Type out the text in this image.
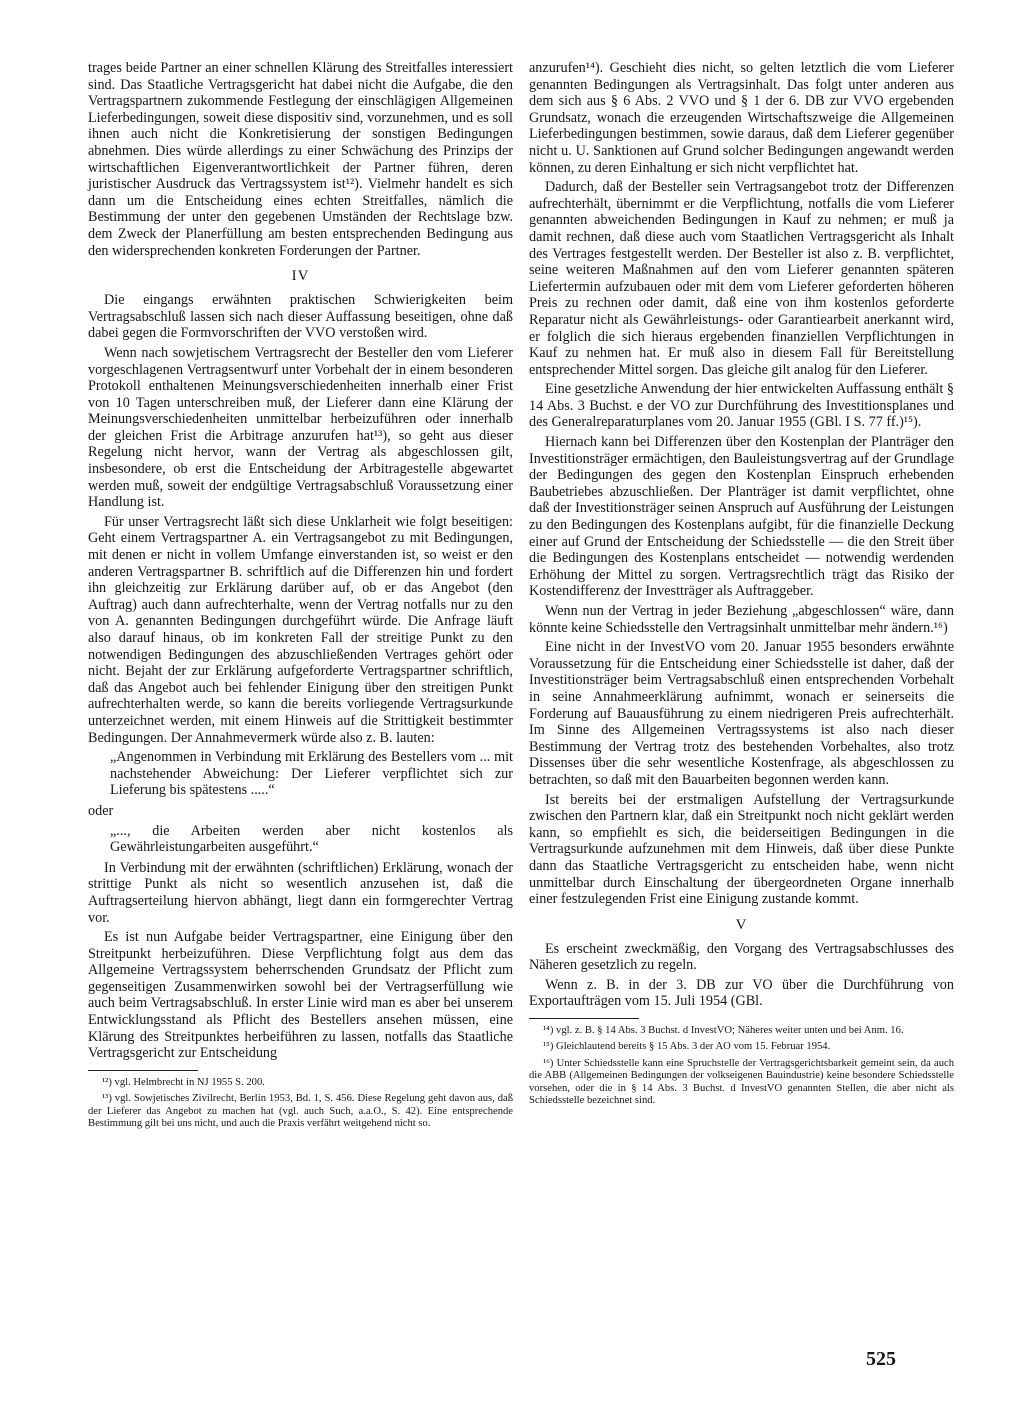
trages beide Partner an einer schnellen Klärung des Streitfalles interessiert sind. Das Staatliche Vertragsgericht hat dabei nicht die Aufgabe, die den Vertragspartnern zukommende Festlegung der einschlägigen Allgemeinen Lieferbedingungen, soweit diese dispositiv sind, vorzunehmen, und es soll ihnen auch nicht die Konkretisierung der sonstigen Bedingungen abnehmen. Dies würde allerdings zu einer Schwächung des Prinzips der wirtschaftlichen Eigenverantwortlichkeit der Partner führen, deren juristischer Ausdruck das Vertragssystem ist¹²). Vielmehr handelt es sich dann um die Entscheidung eines echten Streitfalles, nämlich die Bestimmung der unter den gegebenen Umständen der Rechtslage bzw. dem Zweck der Planerfüllung am besten entsprechenden Bedingung aus den widersprechenden konkreten Forderungen der Partner.

IV

Die eingangs erwähnten praktischen Schwierigkeiten beim Vertragsabschluß lassen sich nach dieser Auffassung beseitigen, ohne daß dabei gegen die Formvorschriften der VVO verstoßen wird.

Wenn nach sowjetischem Vertragsrecht der Besteller den vom Lieferer vorgeschlagenen Vertragsentwurf unter Vorbehalt der in einem besonderen Protokoll enthaltenen Meinungsverschiedenheiten innerhalb einer Frist von 10 Tagen unterschreiben muß, der Lieferer dann eine Klärung der Meinungsverschiedenheiten unmittelbar herbeizuführen oder innerhalb der gleichen Frist die Arbitrage anzurufen hat¹³), so geht aus dieser Regelung nicht hervor, wann der Vertrag als abgeschlossen gilt, insbesondere, ob erst die Entscheidung der Arbitragestelle abgewartet werden muß, soweit der endgültige Vertragsabschluß Voraussetzung einer Handlung ist.

Für unser Vertragsrecht läßt sich diese Unklarheit wie folgt beseitigen: Geht einem Vertragspartner A. ein Vertragsangebot zu mit Bedingungen, mit denen er nicht in vollem Umfange einverstanden ist, so weist er den anderen Vertragspartner B. schriftlich auf die Differenzen hin und fordert ihn gleichzeitig zur Erklärung darüber auf, ob er das Angebot (den Auftrag) auch dann aufrechterhalte, wenn der Vertrag notfalls nur zu den von A. genannten Bedingungen durchgeführt würde. Die Anfrage läuft also darauf hinaus, ob im konkreten Fall der streitige Punkt zu den notwendigen Bedingungen des abzuschließenden Vertrages gehört oder nicht. Bejaht der zur Erklärung aufgeforderte Vertragspartner schriftlich, daß das Angebot auch bei fehlender Einigung über den streitigen Punkt aufrechterhalten werde, so kann die bereits vorliegende Vertragsurkunde unterzeichnet werden, mit einem Hinweis auf die Strittigkeit bestimmter Bedingungen. Der Annahmevermerk würde also z. B. lauten:

„Angenommen in Verbindung mit Erklärung des Bestellers vom ... mit nachstehender Abweichung: Der Lieferer verpflichtet sich zur Lieferung bis spätestens .....“

oder

„..., die Arbeiten werden aber nicht kostenlos als Gewährleistungarbeiten ausgeführt.“

In Verbindung mit der erwähnten (schriftlichen) Erklärung, wonach der strittige Punkt als nicht so wesentlich anzusehen ist, daß die Auftragserteilung hiervon abhängt, liegt dann ein formgerechter Vertrag vor.

Es ist nun Aufgabe beider Vertragspartner, eine Einigung über den Streitpunkt herbeizuführen. Diese Verpflichtung folgt aus dem das Allgemeine Vertragssystem beherrschenden Grundsatz der Pflicht zum gegenseitigen Zusammenwirken sowohl bei der Vertragserfüllung wie auch beim Vertragsabschluß. In erster Linie wird man es aber bei unserem Entwicklungsstand als Pflicht des Bestellers ansehen müssen, eine Klärung des Streitpunktes herbeiführen zu lassen, notfalls das Staatliche Vertragsgericht zur Entscheidung

¹²) vgl. Helmbrecht in NJ 1955 S. 200.

¹³) vgl. Sowjetisches Zivilrecht, Berlin 1953, Bd. 1, S. 456. Diese Regelung geht davon aus, daß der Lieferer das Angebot zu machen hat (vgl. auch Such, a.a.O., S. 42). Eine entsprechende Bestimmung gilt bei uns nicht, und auch die Praxis verfährt weitgehend nicht so.

anzurufen¹⁴). Geschieht dies nicht, so gelten letztlich die vom Lieferer genannten Bedingungen als Vertragsinhalt. Das folgt unter anderen aus dem sich aus § 6 Abs. 2 VVO und § 1 der 6. DB zur VVO ergebenden Grundsatz, wonach die erzeugenden Wirtschaftszweige die Allgemeinen Lieferbedingungen bestimmen, sowie daraus, daß dem Lieferer gegenüber nicht u. U. Sanktionen auf Grund solcher Bedingungen angewandt werden können, zu deren Einhaltung er sich nicht verpflichtet hat.

Dadurch, daß der Besteller sein Vertragsangebot trotz der Differenzen aufrechterhält, übernimmt er die Verpflichtung, notfalls die vom Lieferer genannten abweichenden Bedingungen in Kauf zu nehmen; er muß ja damit rechnen, daß diese auch vom Staatlichen Vertragsgericht als Inhalt des Vertrages festgestellt werden. Der Besteller ist also z. B. verpflichtet, seine weiteren Maßnahmen auf den vom Lieferer genannten späteren Liefertermin aufzubauen oder mit dem vom Lieferer geforderten höheren Preis zu rechnen oder damit, daß eine von ihm kostenlos geforderte Reparatur nicht als Gewährleistungs- oder Garantiearbeit anerkannt wird, er folglich die sich hieraus ergebenden finanziellen Verpflichtungen in Kauf zu nehmen hat. Er muß also in diesem Fall für Bereitstellung entsprechender Mittel sorgen. Das gleiche gilt analog für den Lieferer.

Eine gesetzliche Anwendung der hier entwickelten Auffassung enthält § 14 Abs. 3 Buchst. e der VO zur Durchführung des Investitionsplanes und des Generalreparaturplanes vom 20. Januar 1955 (GBl. I S. 77 ff.)¹⁵).

Hiernach kann bei Differenzen über den Kostenplan der Planträger den Investitionsträger ermächtigen, den Bauleistungsvertrag auf der Grundlage der Bedingungen des gegen den Kostenplan Einspruch erhebenden Baubetriebes abzuschließen. Der Planträger ist damit verpflichtet, ohne daß der Investitionsträger seinen Anspruch auf Ausführung der Leistungen zu den Bedingungen des Kostenplans aufgibt, für die finanzielle Deckung einer auf Grund der Entscheidung der Schiedsstelle — die den Streit über die Bedingungen des Kostenplans entscheidet — notwendig werdenden Erhöhung der Mittel zu sorgen. Vertragsrechtlich trägt das Risiko der Kostendifferenz der Investträger als Auftraggeber.

Wenn nun der Vertrag in jeder Beziehung „abgeschlossen“ wäre, dann könnte keine Schiedsstelle den Vertragsinhalt unmittelbar mehr ändern.¹⁶)

Eine nicht in der InvestVO vom 20. Januar 1955 besonders erwähnte Voraussetzung für die Entscheidung einer Schiedsstelle ist daher, daß der Investitionsträger beim Vertragsabschluß einen entsprechenden Vorbehalt in seine Annahmeerklärung aufnimmt, wonach er seinerseits die Forderung auf Bauausführung zu einem niedrigeren Preis aufrechterhält. Im Sinne des Allgemeinen Vertragssystems ist also nach dieser Bestimmung der Vertrag trotz des bestehenden Vorbehaltes, also trotz Dissenses über die sehr wesentliche Kostenfrage, als abgeschlossen zu betrachten, so daß mit den Bauarbeiten begonnen werden kann.

Ist bereits bei der erstmaligen Aufstellung der Vertragsurkunde zwischen den Partnern klar, daß ein Streitpunkt noch nicht geklärt werden kann, so empfiehlt es sich, die beiderseitigen Bedingungen in die Vertragsurkunde aufzunehmen mit dem Hinweis, daß über diese Punkte dann das Staatliche Vertragsgericht zu entscheiden habe, wenn nicht unmittelbar durch Einschaltung der übergeordneten Organe innerhalb einer festzulegenden Frist eine Einigung zustande kommt.

V

Es erscheint zweckmäßig, den Vorgang des Vertragsabschlusses des Näheren gesetzlich zu regeln.

Wenn z. B. in der 3. DB zur VO über die Durchführung von Exportaufträgen vom 15. Juli 1954 (GBl.

¹⁴) vgl. z. B. § 14 Abs. 3 Buchst. d InvestVO; Näheres weiter unten und bei Anm. 16.

¹⁵) Gleichlautend bereits § 15 Abs. 3 der AO vom 15. Februar 1954.

¹⁶) Unter Schiedsstelle kann eine Spruchstelle der Vertragsgerichtsbarkeit gemeint sein, da auch die ABB (Allgemeinen Bedingungen der volkseigenen Bauindustrie) keine besondere Schiedsstelle vorsehen, oder die in § 14 Abs. 3 Buchst. d InvestVO genannten Stellen, die aber nicht als Schiedsstelle bezeichnet sind.

525
